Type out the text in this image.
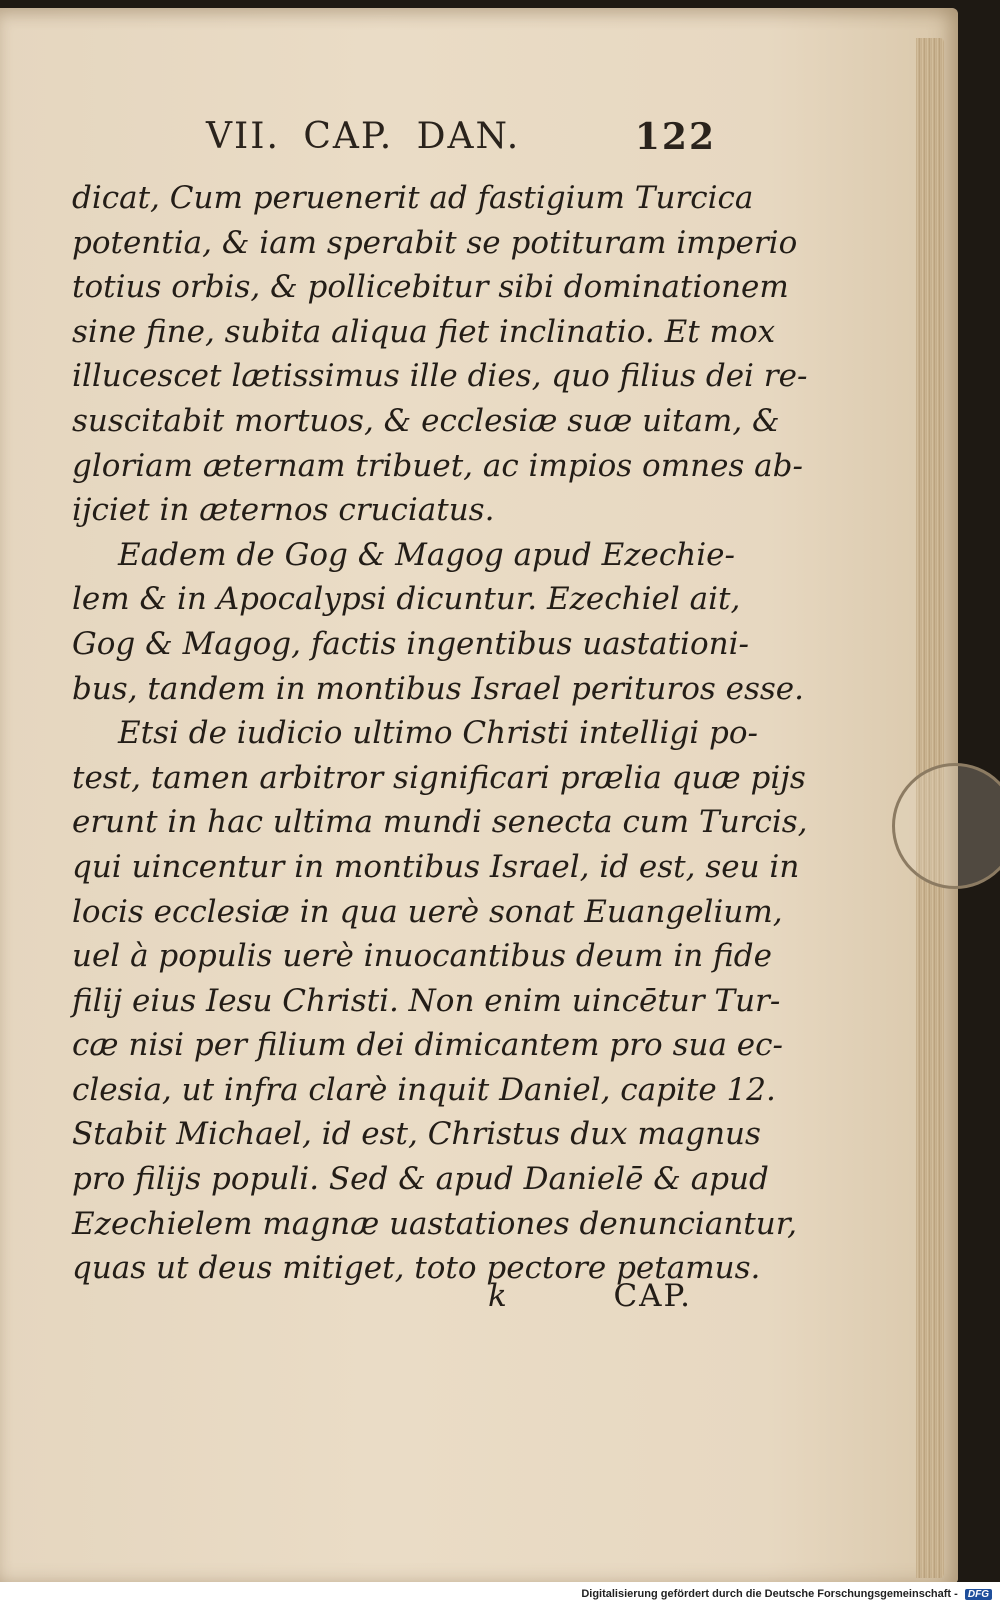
VII. CAP. DAN.	122
dicat, Cum peruenerit ad fastigium Turcica
potentia, & iam sperabit se potituram imperio
totius orbis, & pollicebitur sibi dominationem
sine fine, subita aliqua fiet inclinatio. Et mox
illucescet lætissimus ille dies, quo filius dei re-
suscitabit mortuos, & ecclesiæ suæ uitam, &
gloriam æternam tribuet, ac impios omnes ab-
ijciet in æternos cruciatus.
Eadem de Gog & Magog apud Ezechie-
lem & in Apocalypsi dicuntur. Ezechiel ait,
Gog & Magog, factis ingentibus uastationi-
bus, tandem in montibus Israel perituros esse.
Etsi de iudicio ultimo Christi intelligi po-
test, tamen arbitror significari prælia quæ pijs
erunt in hac ultima mundi senecta cum Turcis,
qui uincentur in montibus Israel, id est, seu in
locis ecclesiæ in qua uerè sonat Euangelium,
uel à populis uerè inuocantibus deum in fide
filij eius Iesu Christi. Non enim uincētur Tur-
cæ nisi per filium dei dimicantem pro sua ec-
clesia, ut infra clarè inquit Daniel, capite 12.
Stabit Michael, id est, Christus dux magnus
pro filijs populi. Sed & apud Danielē & apud
Ezechielem magnæ uastationes denunciantur,
quas ut deus mitiget, toto pectore petamus.
k	CAP.
Digitalisierung gefördert durch die Deutsche Forschungsgemeinschaft - DFG
